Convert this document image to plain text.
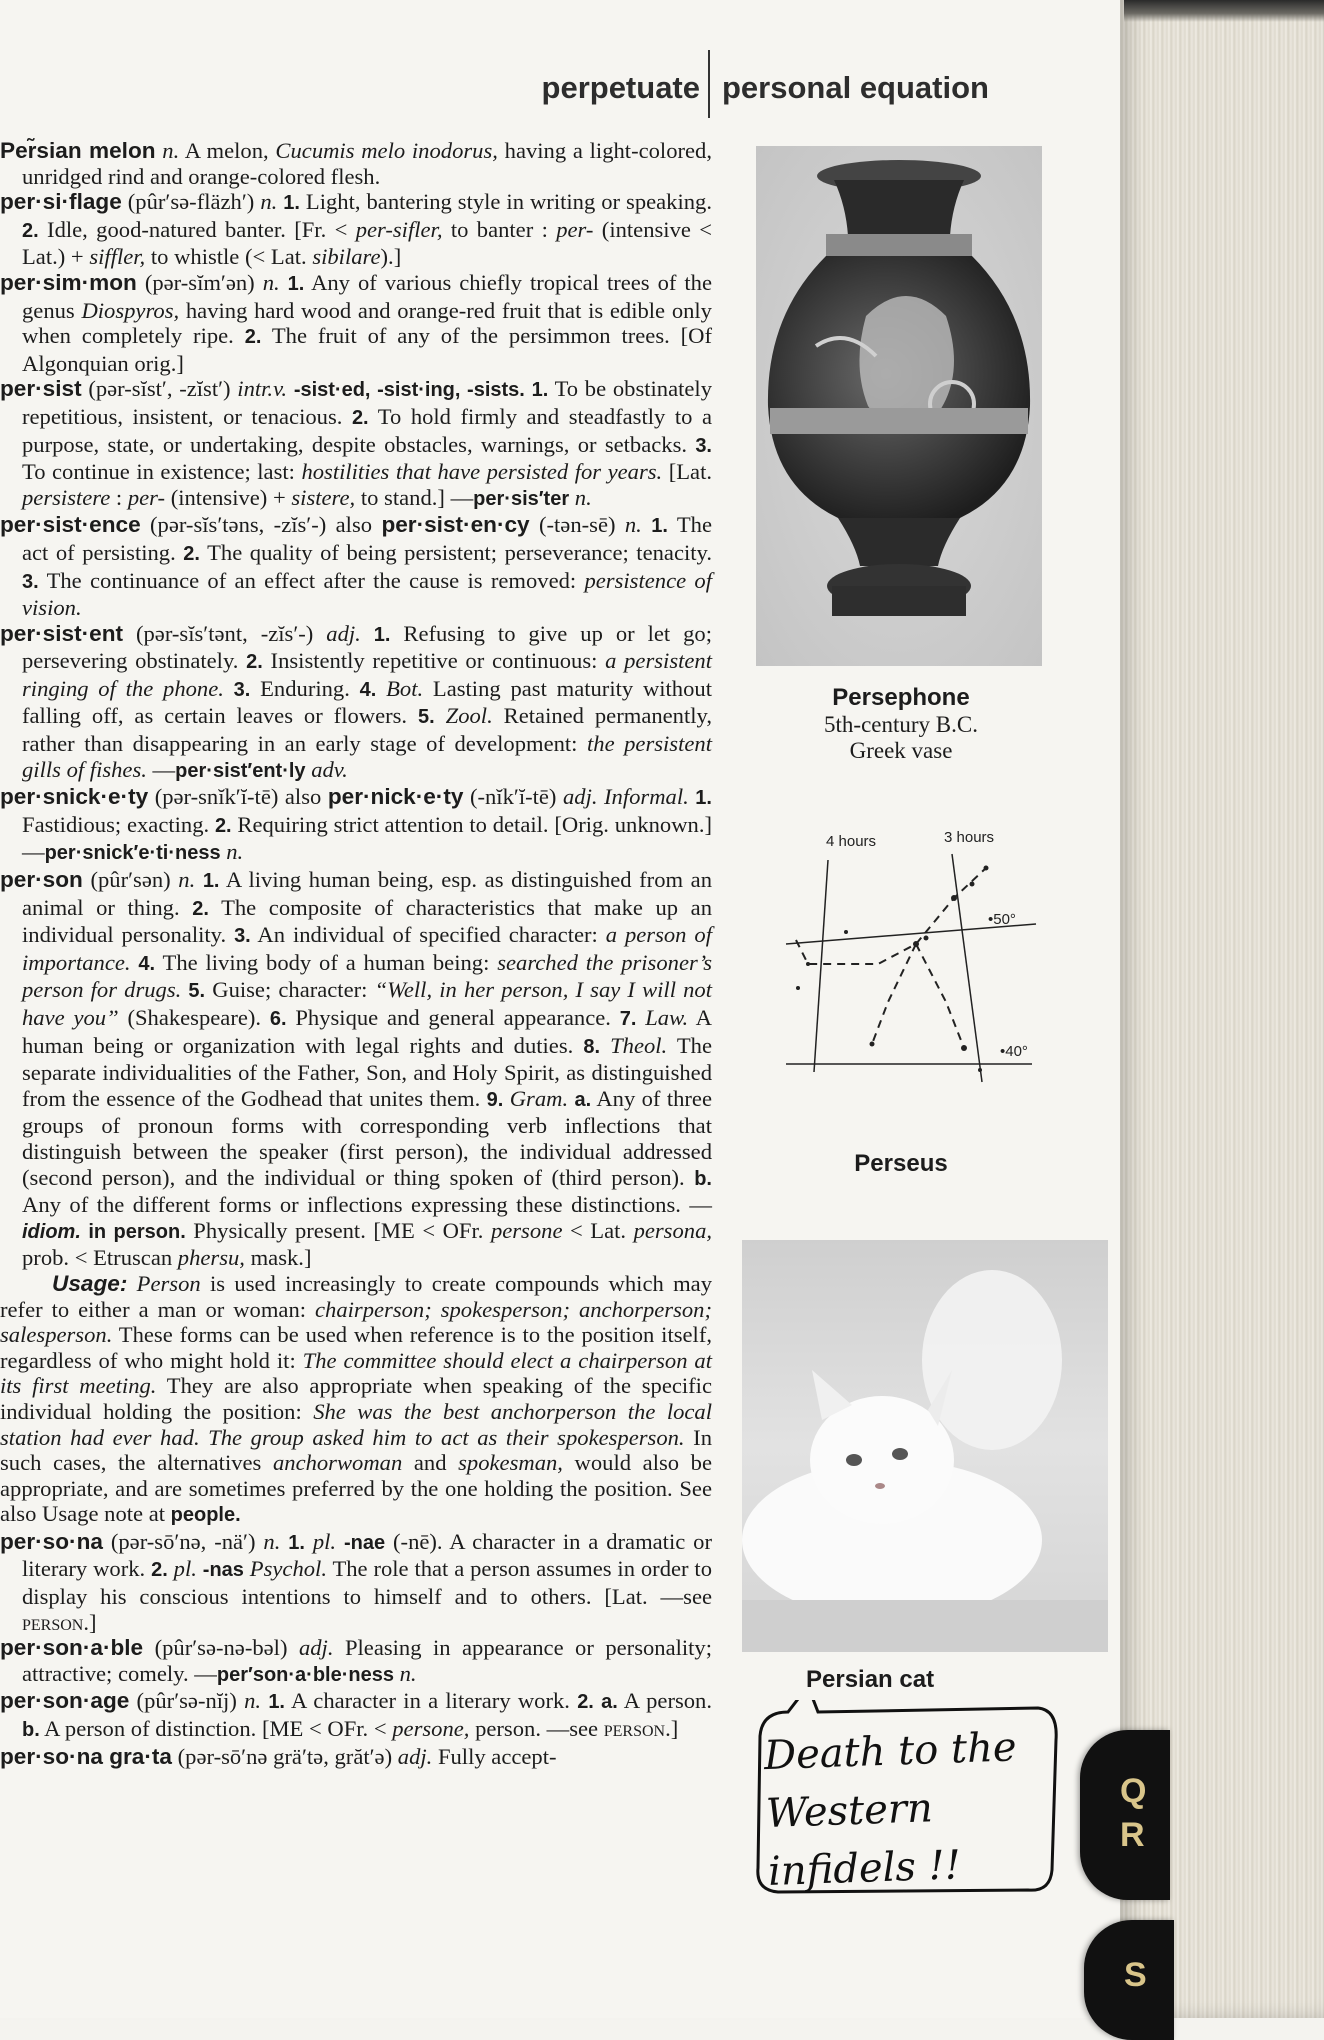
perpetuate personal equation

Per̃sian melon n. A melon, Cucumis melo inodorus, having a light-colored, unridged rind and orange-colored flesh.

per·si·flage (pûr′sə-fläzh′) n. 1. Light, bantering style in writing or speaking. 2. Idle, good-natured banter. [Fr. < per-sifler, to banter : per- (intensive < Lat.) + siffler, to whistle (< Lat. sibilare).]

per·sim·mon (pər-sĭm′ən) n. 1. Any of various chiefly tropical trees of the genus Diospyros, having hard wood and orange-red fruit that is edible only when completely ripe. 2. The fruit of any of the persimmon trees. [Of Algonquian orig.]

per·sist (pər-sĭst′, -zĭst′) intr.v. -sist·ed, -sist·ing, -sists. 1. To be obstinately repetitious, insistent, or tenacious. 2. To hold firmly and steadfastly to a purpose, state, or undertaking, despite obstacles, warnings, or setbacks. 3. To continue in existence; last: hostilities that have persisted for years. [Lat. persistere : per- (intensive) + sistere, to stand.] —per·sis′ter n.

per·sist·ence (pər-sĭs′təns, -zĭs′-) also per·sist·en·cy (-tən-sē) n. 1. The act of persisting. 2. The quality of being persistent; perseverance; tenacity. 3. The continuance of an effect after the cause is removed: persistence of vision.

per·sist·ent (pər-sĭs′tənt, -zĭs′-) adj. 1. Refusing to give up or let go; persevering obstinately. 2. Insistently repetitive or continuous: a persistent ringing of the phone. 3. Enduring. 4. Bot. Lasting past maturity without falling off, as certain leaves or flowers. 5. Zool. Retained permanently, rather than disappearing in an early stage of development: the persistent gills of fishes. —per·sist′ent·ly adv.

per·snick·e·ty (pər-snĭk′ĭ-tē) also per·nick·e·ty (-nĭk′ĭ-tē) adj. Informal. 1. Fastidious; exacting. 2. Requiring strict attention to detail. [Orig. unknown.] —per·snick′e·ti·ness n.

per·son (pûr′sən) n. 1. A living human being, esp. as distinguished from an animal or thing. 2. The composite of characteristics that make up an individual personality. 3. An individual of specified character: a person of importance. 4. The living body of a human being: searched the prisoner’s person for drugs. 5. Guise; character: “Well, in her person, I say I will not have you” (Shakespeare). 6. Physique and general appearance. 7. Law. A human being or organization with legal rights and duties. 8. Theol. The separate individualities of the Father, Son, and Holy Spirit, as distinguished from the essence of the Godhead that unites them. 9. Gram. a. Any of three groups of pronoun forms with corresponding verb inflections that distinguish between the speaker (first person), the individual addressed (second person), and the individual or thing spoken of (third person). b. Any of the different forms or inflections expressing these distinctions. —idiom. in person. Physically present. [ME < OFr. persone < Lat. persona, prob. < Etruscan phersu, mask.]

Usage: Person is used increasingly to create compounds which may refer to either a man or woman: chairperson; spokesperson; anchorperson; salesperson. These forms can be used when reference is to the position itself, regardless of who might hold it: The committee should elect a chairperson at its first meeting. They are also appropriate when speaking of the specific individual holding the position: She was the best anchorperson the local station had ever had. The group asked him to act as their spokesperson. In such cases, the alternatives anchorwoman and spokesman, would also be appropriate, and are sometimes preferred by the one holding the position. See also Usage note at people.

per·so·na (pər-sō′nə, -nä′) n. 1. pl. -nae (-nē). A character in a dramatic or literary work. 2. pl. -nas Psychol. The role that a person assumes in order to display his conscious intentions to himself and to others. [Lat. —see person.]

per·son·a·ble (pûr′sə-nə-bəl) adj. Pleasing in appearance or personality; attractive; comely. —per′son·a·ble·ness n.

per·son·age (pûr′sə-nĭj) n. 1. A character in a literary work. 2. a. A person. b. A person of distinction. [ME < OFr. < persone, person. —see person.]

per·so·na gra·ta (pər-sō′nə grä′tə, grăt′ə) adj. Fully accept-

Persephone
5th-century B.C.
Greek vase
4 hours	3 hours
•50°
•40°
Perseus
Persian cat
Death to the
Western
infidels !!
Q
R
S
